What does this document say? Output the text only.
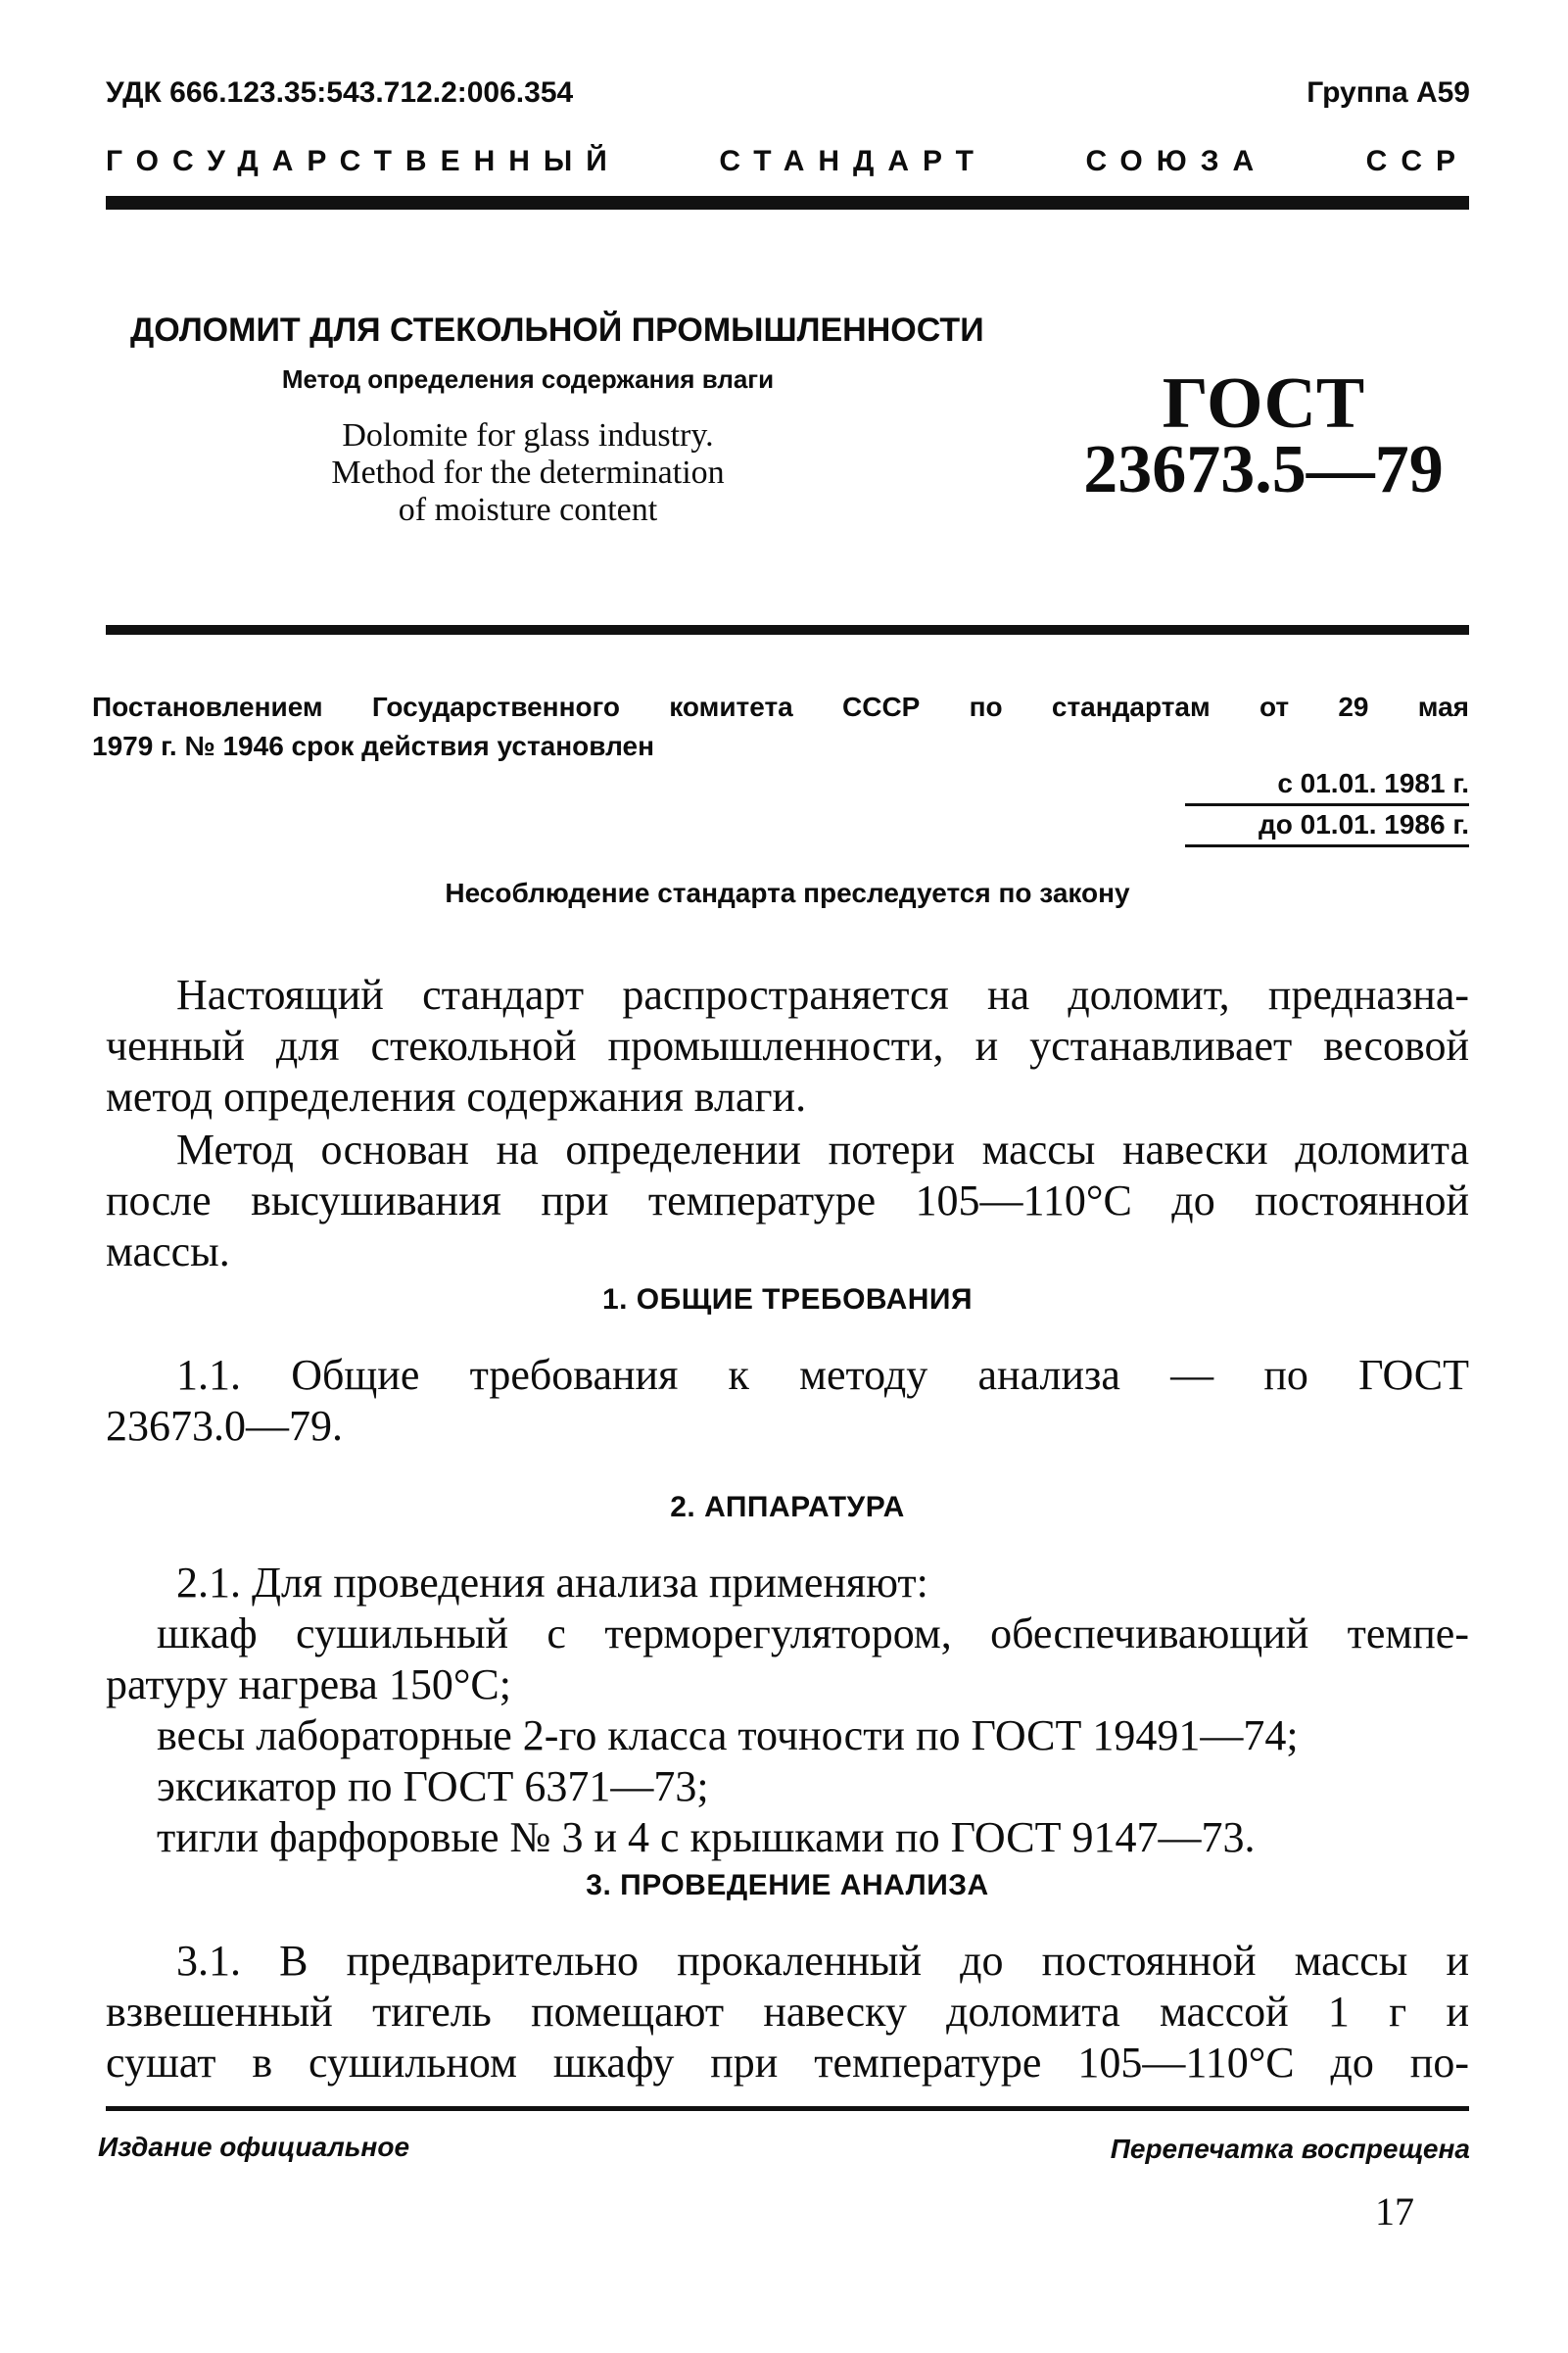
УДК 666.123.35:543.712.2:006.354	Группа А59
ГОСУДАРСТВЕННЫЙ СТАНДАРТ СОЮЗА ССР
ДОЛОМИТ ДЛЯ СТЕКОЛЬНОЙ ПРОМЫШЛЕННОСТИ
Метод определения содержания влаги
Dolomite for glass industry.
Method for the determination
of moisture content
ГОСТ
23673.5—79
Постановлением Государственного комитета СССР по стандартам от 29 мая
1979 г. № 1946 срок действия установлен
с 01.01. 1981 г.
до 01.01. 1986 г.
Несоблюдение стандарта преследуется по закону
Настоящий стандарт распространяется на доломит, предназна-
ченный для стекольной промышленности, и устанавливает весовой
метод определения содержания влаги.
Метод основан на определении потери массы навески доломита
после высушивания при температуре 105—110°С до постоянной
массы.
1. ОБЩИЕ ТРЕБОВАНИЯ
1.1. Общие требования к методу анализа — по ГОСТ
23673.0—79.
2. АППАРАТУРА
2.1. Для проведения анализа применяют:
шкаф сушильный с терморегулятором, обеспечивающий темпе-
ратуру нагрева 150°С;
весы лабораторные 2-го класса точности по ГОСТ 19491—74;
эксикатор по ГОСТ 6371—73;
тигли фарфоровые № 3 и 4 с крышками по ГОСТ 9147—73.
3. ПРОВЕДЕНИЕ АНАЛИЗА
3.1. В предварительно прокаленный до постоянной массы и
взвешенный тигель помещают навеску доломита массой 1 г и
сушат в сушильном шкафу при температуре 105—110°С до по-
Издание официальное	Перепечатка воспрещена
17
